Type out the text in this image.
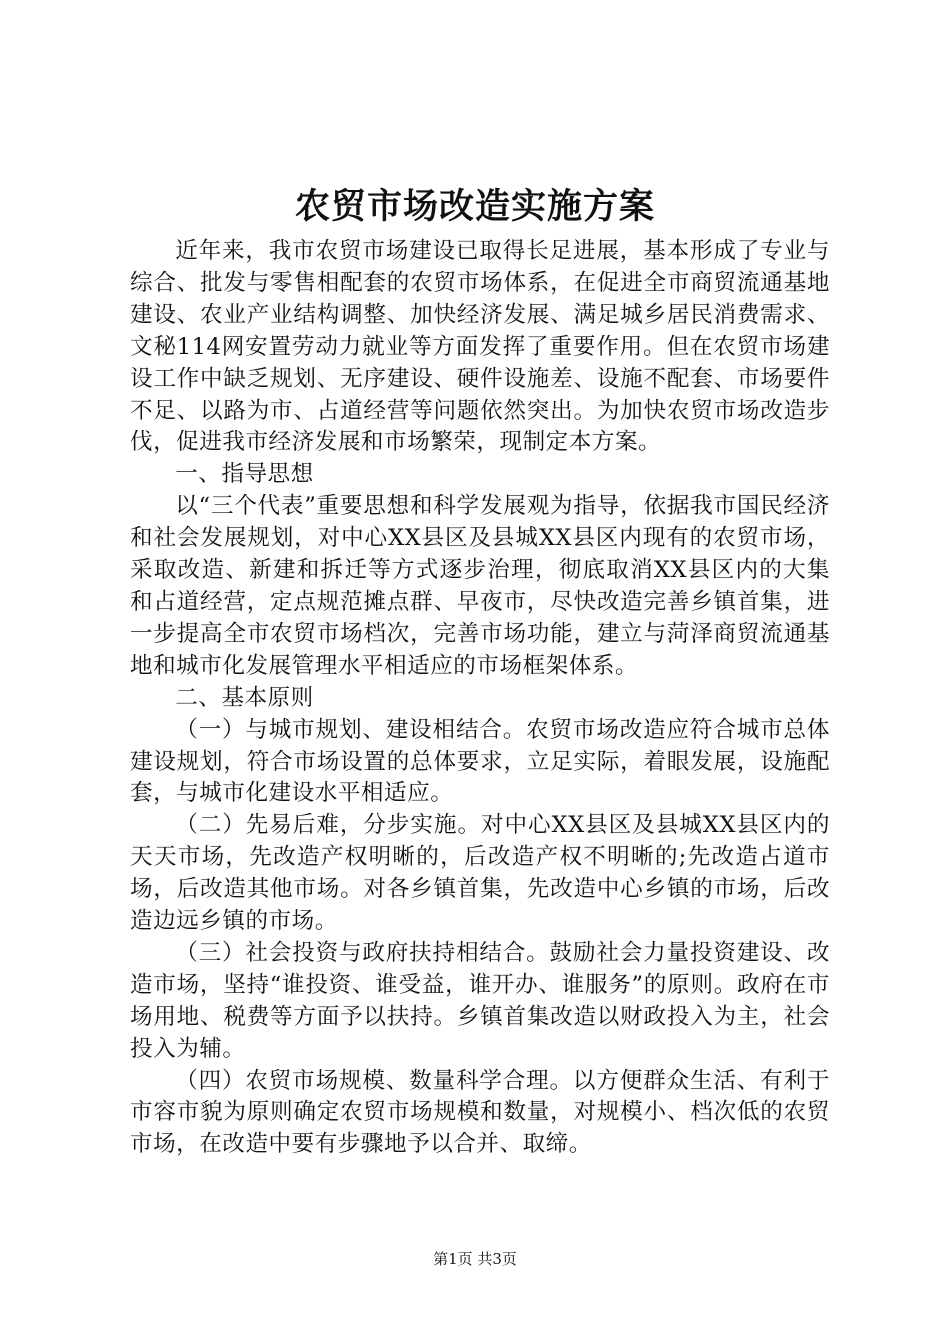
农贸市场改造实施方案

近年来，我市农贸市场建设已取得长足进展，基本形成了专业与综合、批发与零售相配套的农贸市场体系，在促进全市商贸流通基地建设、农业产业结构调整、加快经济发展、满足城乡居民消费需求、文秘114网安置劳动力就业等方面发挥了重要作用。但在农贸市场建设工作中缺乏规划、无序建设、硬件设施差、设施不配套、市场要件不足、以路为市、占道经营等问题依然突出。为加快农贸市场改造步伐，促进我市经济发展和市场繁荣，现制定本方案。

一、指导思想

以“三个代表”重要思想和科学发展观为指导，依据我市国民经济和社会发展规划，对中心XX县区及县城XX县区内现有的农贸市场，采取改造、新建和拆迁等方式逐步治理，彻底取消XX县区内的大集和占道经营，定点规范摊点群、早夜市，尽快改造完善乡镇首集，进一步提高全市农贸市场档次，完善市场功能，建立与菏泽商贸流通基地和城市化发展管理水平相适应的市场框架体系。

二、基本原则

（一）与城市规划、建设相结合。农贸市场改造应符合城市总体建设规划，符合市场设置的总体要求，立足实际，着眼发展，设施配套，与城市化建设水平相适应。

（二）先易后难，分步实施。对中心XX县区及县城XX县区内的天天市场，先改造产权明晰的，后改造产权不明晰的;先改造占道市场，后改造其他市场。对各乡镇首集，先改造中心乡镇的市场，后改造边远乡镇的市场。

（三）社会投资与政府扶持相结合。鼓励社会力量投资建设、改造市场，坚持“谁投资、谁受益，谁开办、谁服务”的原则。政府在市场用地、税费等方面予以扶持。乡镇首集改造以财政投入为主，社会投入为辅。

（四）农贸市场规模、数量科学合理。以方便群众生活、有利于市容市貌为原则确定农贸市场规模和数量，对规模小、档次低的农贸市场，在改造中要有步骤地予以合并、取缔。

第1页 共3页
